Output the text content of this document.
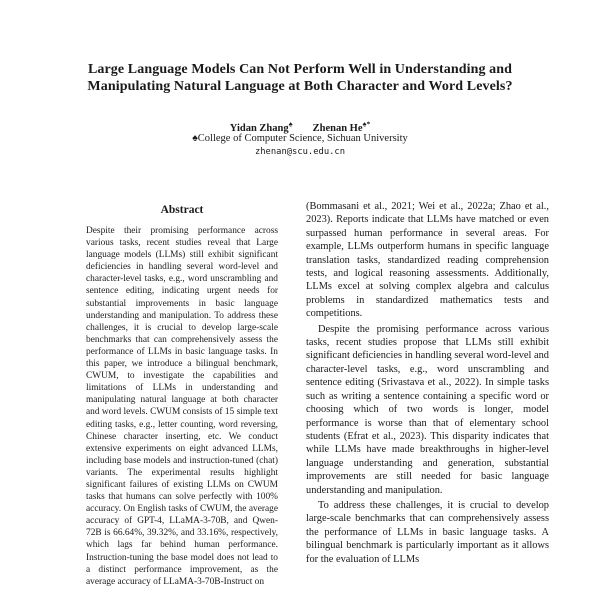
Large Language Models Can Not Perform Well in Understanding and
Manipulating Natural Language at Both Character and Word Levels?
Yidan Zhang♠ Zhenan He♠*
♠College of Computer Science, Sichuan University
zhenan@scu.edu.cn
Abstract

Despite their promising performance across various tasks, recent studies reveal that Large language models (LLMs) still exhibit significant deficiencies in handling several word-level and character-level tasks, e.g., word unscrambling and sentence editing, indicating urgent needs for substantial improvements in basic language understanding and manipulation. To address these challenges, it is crucial to develop large-scale benchmarks that can comprehensively assess the performance of LLMs in basic language tasks. In this paper, we introduce a bilingual benchmark, CWUM, to investigate the capabilities and limitations of LLMs in understanding and manipulating natural language at both character and word levels. CWUM consists of 15 simple text editing tasks, e.g., letter counting, word reversing, Chinese character inserting, etc. We conduct extensive experiments on eight advanced LLMs, including base models and instruction-tuned (chat) variants. The experimental results highlight significant failures of existing LLMs on CWUM tasks that humans can solve perfectly with 100% accuracy. On English tasks of CWUM, the average accuracy of GPT-4, LLaMA-3-70B, and Qwen-72B is 66.64%, 39.32%, and 33.16%, respectively, which lags far behind human performance. Instruction-tuning the base model does not lead to a distinct performance improvement, as the average accuracy of LLaMA-3-70B-Instruct on

(Bommasani et al., 2021; Wei et al., 2022a; Zhao et al., 2023). Reports indicate that LLMs have matched or even surpassed human performance in several areas. For example, LLMs outperform humans in specific language translation tasks, standardized reading comprehension tests, and logical reasoning assessments. Additionally, LLMs excel at solving complex algebra and calculus problems in standardized mathematics tests and competitions.

Despite the promising performance across various tasks, recent studies propose that LLMs still exhibit significant deficiencies in handling several word-level and character-level tasks, e.g., word unscrambling and sentence editing (Srivastava et al., 2022). In simple tasks such as writing a sentence containing a specific word or choosing which of two words is longer, model performance is worse than that of elementary school students (Efrat et al., 2023). This disparity indicates that while LLMs have made breakthroughs in higher-level language understanding and generation, substantial improvements are still needed for basic language understanding and manipulation.

To address these challenges, it is crucial to develop large-scale benchmarks that can comprehensively assess the performance of LLMs in basic language tasks. A bilingual benchmark is particularly important as it allows for the evaluation of LLMs
